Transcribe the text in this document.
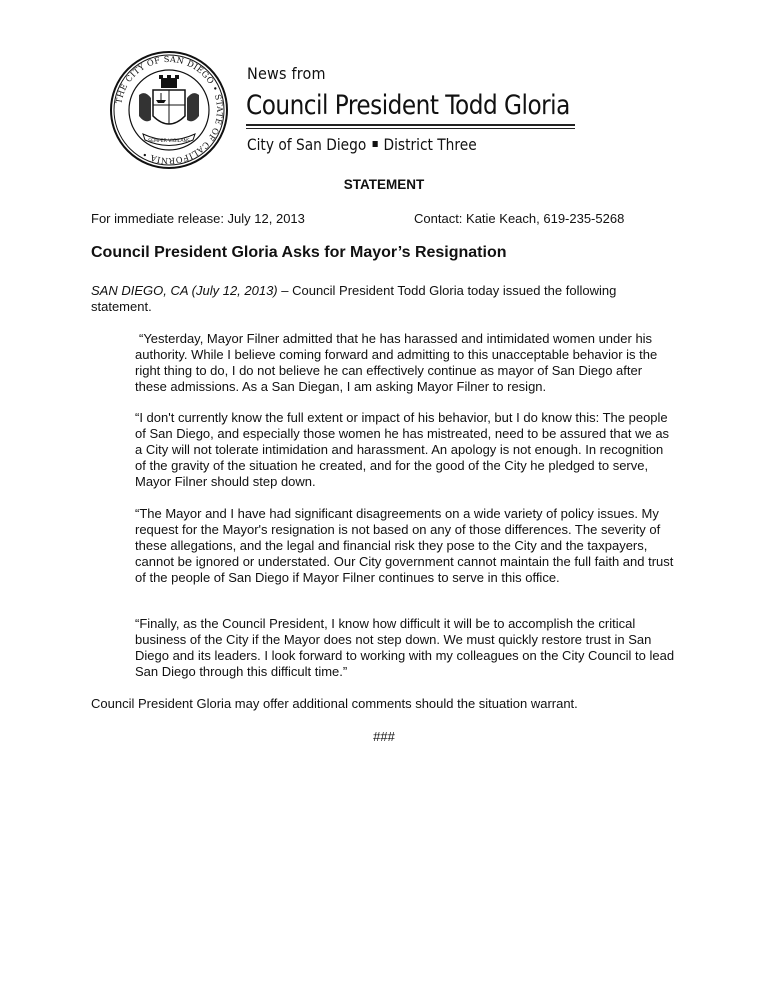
THE CITY OF SAN DIEGO • STATE OF CALIFORNIA •
SEMPER VIGILANS
News from
Council President Todd Gloria
City of San Diego District Three
STATEMENT
For immediate release: July 12, 2013	Contact: Katie Keach, 619-235-5268
Council President Gloria Asks for Mayor’s Resignation
SAN DIEGO, CA (July 12, 2013) – Council President Todd Gloria today issued the following statement.
“Yesterday, Mayor Filner admitted that he has harassed and intimidated women under his authority. While I believe coming forward and admitting to this unacceptable behavior is the right thing to do, I do not believe he can effectively continue as mayor of San Diego after these admissions. As a San Diegan, I am asking Mayor Filner to resign.
“I don't currently know the full extent or impact of his behavior, but I do know this: The people of San Diego, and especially those women he has mistreated, need to be assured that we as a City will not tolerate intimidation and harassment. An apology is not enough. In recognition of the gravity of the situation he created, and for the good of the City he pledged to serve, Mayor Filner should step down.
“The Mayor and I have had significant disagreements on a wide variety of policy issues. My request for the Mayor's resignation is not based on any of those differences. The severity of these allegations, and the legal and financial risk they pose to the City and the taxpayers, cannot be ignored or understated. Our City government cannot maintain the full faith and trust of the people of San Diego if Mayor Filner continues to serve in this office.
“Finally, as the Council President, I know how difficult it will be to accomplish the critical business of the City if the Mayor does not step down. We must quickly restore trust in San Diego and its leaders. I look forward to working with my colleagues on the City Council to lead San Diego through this difficult time.”
Council President Gloria may offer additional comments should the situation warrant.
###
